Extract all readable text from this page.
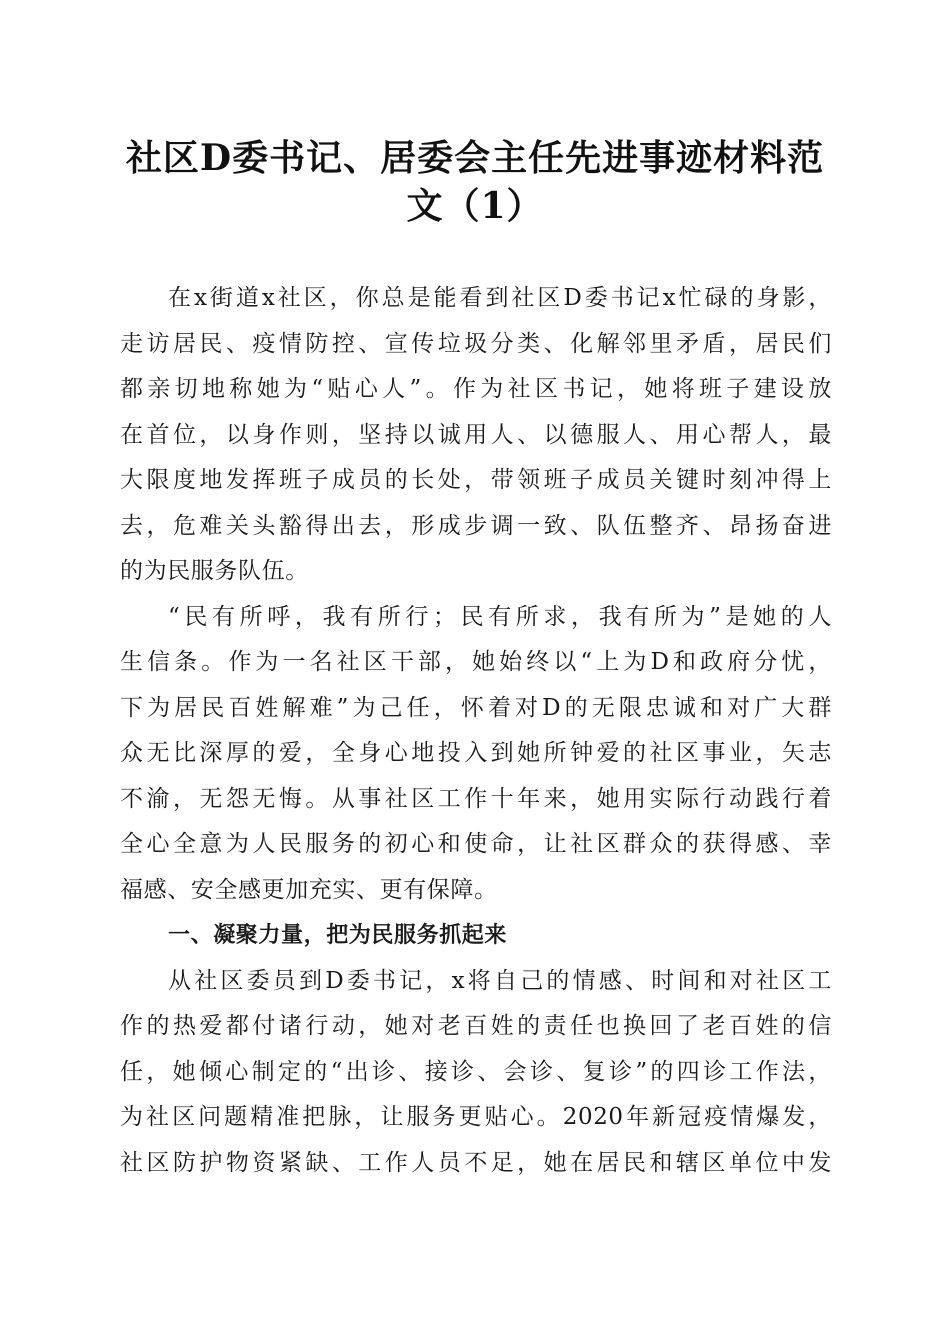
社区D委书记、居委会主任先进事迹材料范
文（1）
在x街道x社区，你总是能看到社区D委书记x忙碌的身影，
走访居民、疫情防控、宣传垃圾分类、化解邻里矛盾，居民们
都亲切地称她为“贴心人”。作为社区书记，她将班子建设放
在首位，以身作则，坚持以诚用人、以德服人、用心帮人，最
大限度地发挥班子成员的长处，带领班子成员关键时刻冲得上
去，危难关头豁得出去，形成步调一致、队伍整齐、昂扬奋进
的为民服务队伍。
“民有所呼，我有所行；民有所求，我有所为”是她的人
生信条。作为一名社区干部，她始终以“上为D和政府分忧，
下为居民百姓解难”为己任，怀着对D的无限忠诚和对广大群
众无比深厚的爱，全身心地投入到她所钟爱的社区事业，矢志
不渝，无怨无悔。从事社区工作十年来，她用实际行动践行着
全心全意为人民服务的初心和使命，让社区群众的获得感、幸
福感、安全感更加充实、更有保障。
一、凝聚力量，把为民服务抓起来
从社区委员到D委书记，x将自己的情感、时间和对社区工
作的热爱都付诸行动，她对老百姓的责任也换回了老百姓的信
任，她倾心制定的“出诊、接诊、会诊、复诊”的四诊工作法，
为社区问题精准把脉，让服务更贴心。2020年新冠疫情爆发，
社区防护物资紧缺、工作人员不足，她在居民和辖区单位中发
